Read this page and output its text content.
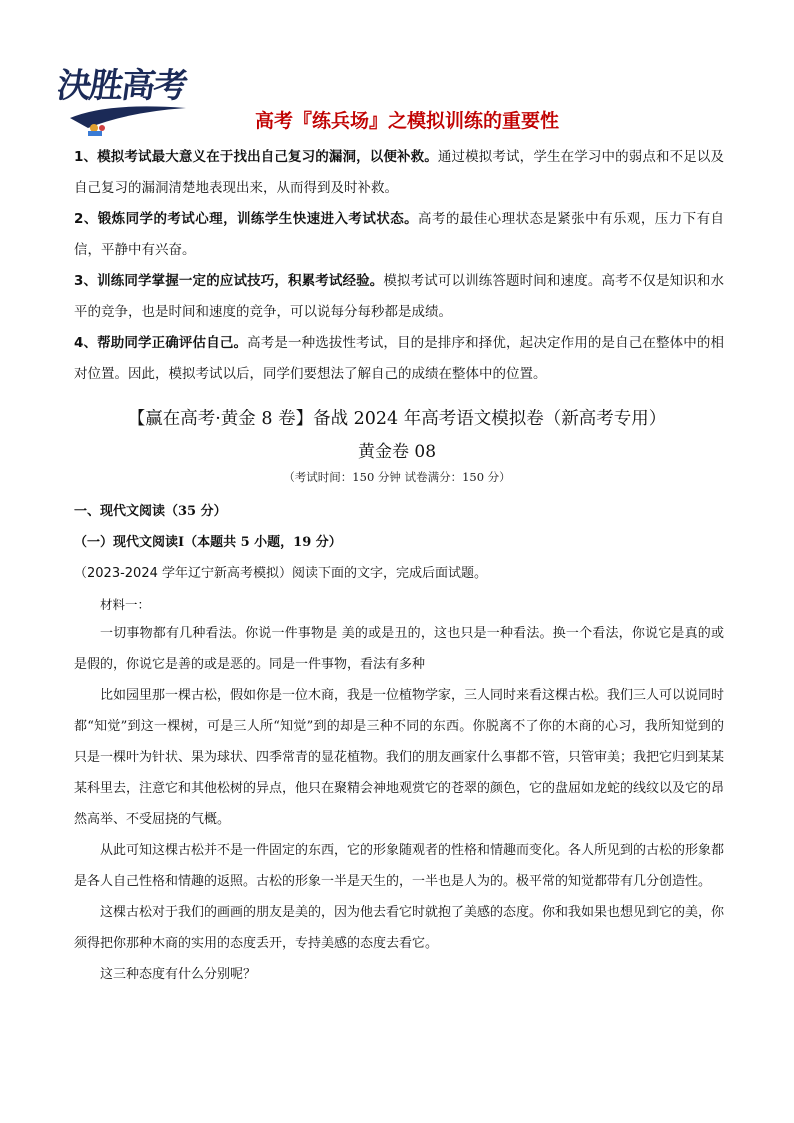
決胜高考
高考『练兵场』之模拟训练的重要性

1、模拟考试最大意义在于找出自己复习的漏洞，以便补救。通过模拟考试，学生在学习中的弱点和不足以及自己复习的漏洞清楚地表现出来，从而得到及时补救。

2、锻炼同学的考试心理，训练学生快速进入考试状态。高考的最佳心理状态是紧张中有乐观，压力下有自信，平静中有兴奋。

3、训练同学掌握一定的应试技巧，积累考试经验。模拟考试可以训练答题时间和速度。高考不仅是知识和水平的竞争，也是时间和速度的竞争，可以说每分每秒都是成绩。

4、帮助同学正确评估自己。高考是一种选拔性考试，目的是排序和择优，起决定作用的是自己在整体中的相对位置。因此，模拟考试以后，同学们要想法了解自己的成绩在整体中的位置。

【赢在高考·黄金 8 卷】备战 2024 年高考语文模拟卷（新高考专用）
黄金卷 08
（考试时间：150 分钟 试卷满分：150 分）
一、现代文阅读（35 分）
（一）现代文阅读Ⅰ（本题共 5 小题，19 分）
（2023-2024 学年辽宁新高考模拟）阅读下面的文字，完成后面试题。
材料一：

一切事物都有几种看法。你说一件事物是 美的或是丑的，这也只是一种看法。换一个看法，你说它是真的或是假的，你说它是善的或是恶的。同是一件事物，看法有多种

比如园里那一棵古松，假如你是一位木商，我是一位植物学家，三人同时来看这棵古松。我们三人可以说同时都“知觉”到这一棵树，可是三人所“知觉”到的却是三种不同的东西。你脱离不了你的木商的心习，我所知觉到的只是一棵叶为针状、果为球状、四季常青的显花植物。我们的朋友画家什么事都不管，只管审美；我把它归到某某某科里去，注意它和其他松树的异点，他只在聚精会神地观赏它的苍翠的颜色，它的盘屈如龙蛇的线纹以及它的昂然高举、不受屈挠的气概。

从此可知这棵古松并不是一件固定的东西，它的形象随观者的性格和情趣而变化。各人所见到的古松的形象都是各人自己性格和情趣的返照。古松的形象一半是天生的，一半也是人为的。极平常的知觉都带有几分创造性。

这棵古松对于我们的画画的朋友是美的，因为他去看它时就抱了美感的态度。你和我如果也想见到它的美，你须得把你那种木商的实用的态度丢开，专持美感的态度去看它。

这三种态度有什么分别呢？
